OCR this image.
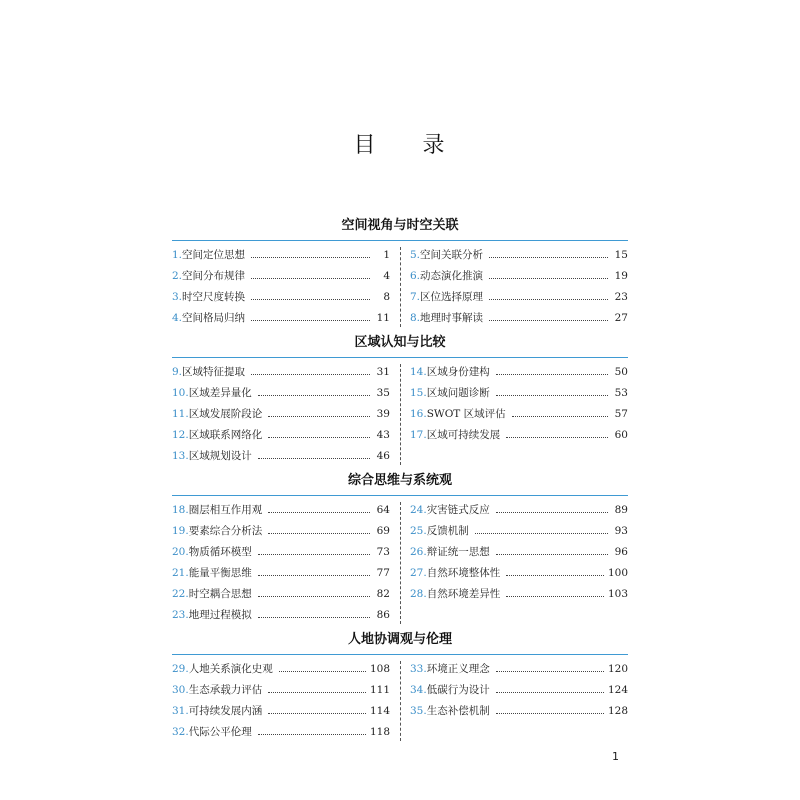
目 录
空间视角与时空关联
1. 空间定位思想	1
2. 空间分布规律	4
3. 时空尺度转换	8
4. 空间格局归纳	11
5. 空间关联分析	15
6. 动态演化推演	19
7. 区位选择原理	23
8. 地理时事解读	27
区域认知与比较
9. 区域特征提取	31
10. 区域差异量化	35
11. 区域发展阶段论	39
12. 区域联系网络化	43
13. 区域规划设计	46
14. 区域身份建构	50
15. 区域问题诊断	53
16. SWOT 区域评估	57
17. 区域可持续发展	60
综合思维与系统观
18. 圈层相互作用观	64
19. 要素综合分析法	69
20. 物质循环模型	73
21. 能量平衡思维	77
22. 时空耦合思想	82
23. 地理过程模拟	86
24. 灾害链式反应	89
25. 反馈机制	93
26. 辩证统一思想	96
27. 自然环境整体性	100
28. 自然环境差异性	103
人地协调观与伦理
29. 人地关系演化史观	108
30. 生态承载力评估	111
31. 可持续发展内涵	114
32. 代际公平伦理	118
33. 环境正义理念	120
34. 低碳行为设计	124
35. 生态补偿机制	128
1
